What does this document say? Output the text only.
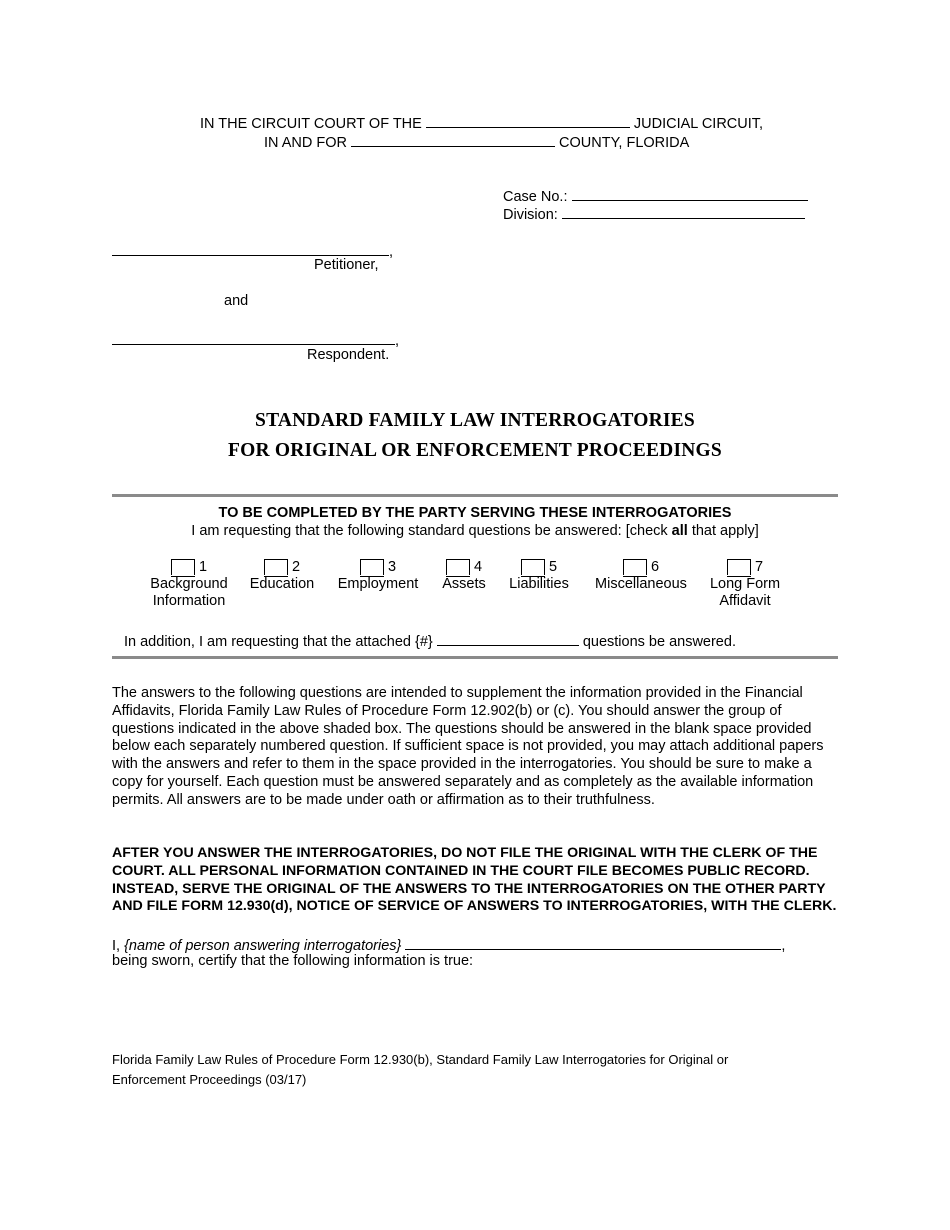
IN THE CIRCUIT COURT OF THE	JUDICIAL CIRCUIT,
IN AND FOR	COUNTY, FLORIDA
Case No.:
Division:
,
Petitioner,
and
,
Respondent.
STANDARD FAMILY LAW INTERROGATORIES
FOR ORIGINAL OR ENFORCEMENT PROCEEDINGS
TO BE COMPLETED BY THE PARTY SERVING THESE INTERROGATORIES
I am requesting that the following standard questions be answered: [check all that apply]
1
Background
Information
2
Education
3
Employment
4
Assets
5
Liabilities
6
Miscellaneous
7
Long Form
Affidavit
In addition, I am requesting that the attached {#}	questions be answered.
The answers to the following questions are intended to supplement the information provided in the Financial Affidavits, Florida Family Law Rules of Procedure Form 12.902(b) or (c). You should answer the group of questions indicated in the above shaded box. The questions should be answered in the blank space provided below each separately numbered question. If sufficient space is not provided, you may attach additional papers with the answers and refer to them in the space provided in the interrogatories. You should be sure to make a copy for yourself. Each question must be answered separately and as completely as the available information permits. All answers are to be made under oath or affirmation as to their truthfulness.
AFTER YOU ANSWER THE INTERROGATORIES, DO NOT FILE THE ORIGINAL WITH THE CLERK OF THE COURT. ALL PERSONAL INFORMATION CONTAINED IN THE COURT FILE BECOMES PUBLIC RECORD. INSTEAD, SERVE THE ORIGINAL OF THE ANSWERS TO THE INTERROGATORIES ON THE OTHER PARTY AND FILE FORM 12.930(d), NOTICE OF SERVICE OF ANSWERS TO INTERROGATORIES, WITH THE CLERK.
I, {name of person answering interrogatories}	,
being sworn, certify that the following information is true:
Florida Family Law Rules of Procedure Form 12.930(b), Standard Family Law Interrogatories for Original or
Enforcement Proceedings (03/17)
